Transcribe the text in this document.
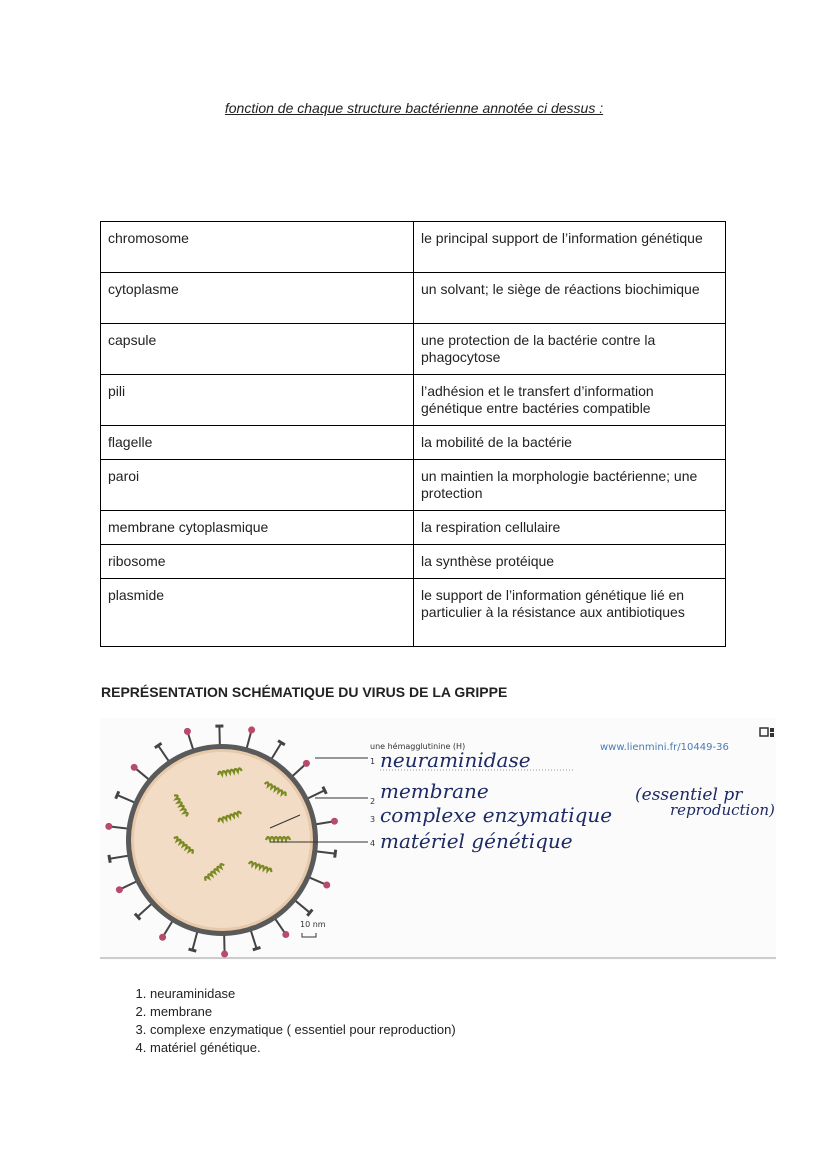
fonction de chaque structure bactérienne annotée ci dessus :
chromosome	le principal support de l’information génétique
cytoplasme	un solvant; le siège de réactions biochimique
capsule	une protection de la bactérie contre la phagocytose
pili	l’adhésion et le transfert d’information génétique entre bactéries compatible
flagelle	la mobilité de la bactérie
paroi	un maintien la morphologie bactérienne; une protection
membrane cytoplasmique	la respiration cellulaire
ribosome	la synthèse protéique
plasmide	le support de l’information génétique lié en particulier à la résistance aux antibiotiques
REPRÉSENTATION SCHÉMATIQUE DU VIRUS DE LA GRIPPE
une hémagglutinine (H)
1
2
3
4
neuraminidase
membrane
complexe enzymatique
matériel génétique
(essentiel pr
reproduction)
www.lienmini.fr/10449-36
10 nm
1. neuraminidase
2. membrane
3. complexe enzymatique ( essentiel pour reproduction)
4. matériel génétique.
